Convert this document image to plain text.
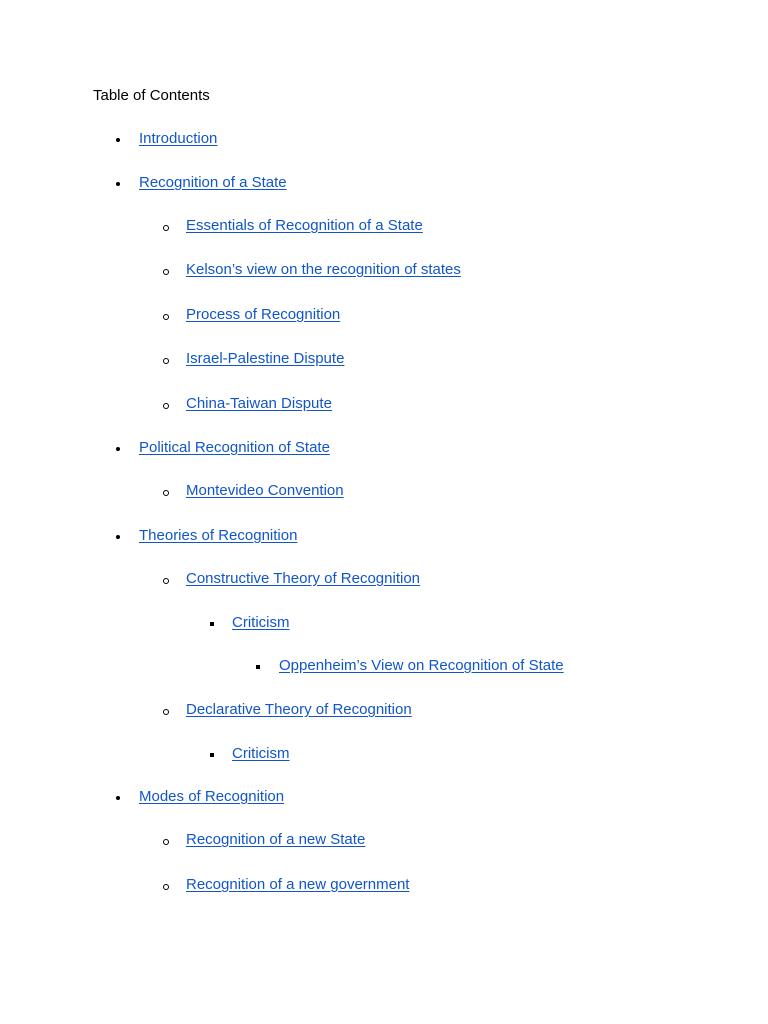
Table of Contents
Introduction
Recognition of a State
Essentials of Recognition of a State
Kelson’s view on the recognition of states
Process of Recognition
Israel-Palestine Dispute
China-Taiwan Dispute
Political Recognition of State
Montevideo Convention
Theories of Recognition
Constructive Theory of Recognition
Criticism
Oppenheim’s View on Recognition of State
Declarative Theory of Recognition
Criticism
Modes of Recognition
Recognition of a new State
Recognition of a new government
